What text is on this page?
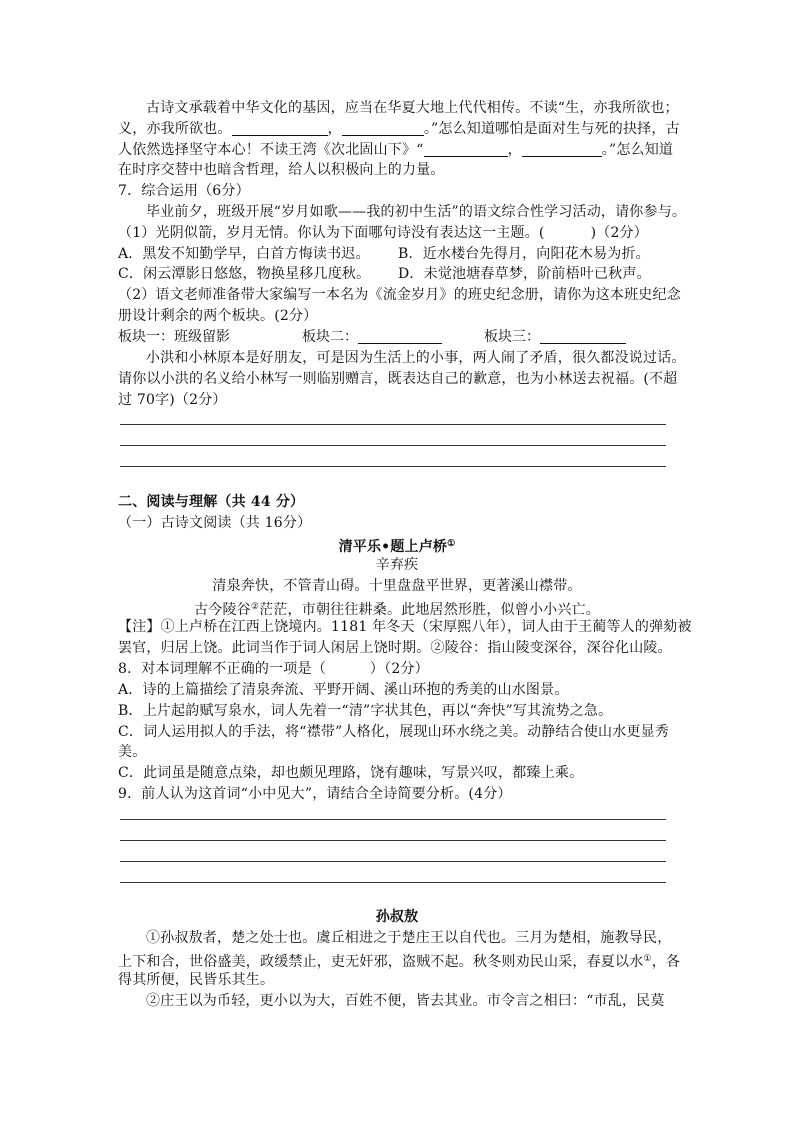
古诗文承载着中华文化的基因，应当在华夏大地上代代相传。不读“生，亦我所欲也；
义，亦我所欲也。	，	。”怎么知道哪怕是面对生与死的抉择，古
人依然选择坚守本心！不读王湾《次北固山下》“	，	。”怎么知道
在时序交替中也暗含哲理，给人以积极向上的力量。
7．综合运用（6分）
毕业前夕，班级开展“岁月如歌——我的初中生活”的语文综合性学习活动，请你参与。
（1）光阴似箭，岁月无情。你认为下面哪句诗没有表达这一主题。(	)（2分）
A．黑发不知勤学早，白首方悔读书迟。 B．近水楼台先得月，向阳花木易为折。
C．闲云潭影日悠悠，物换星移几度秋。 D．未觉池塘春草梦，阶前梧叶已秋声。
（2）语文老师准备带大家编写一本名为《流金岁月》的班史纪念册，请你为这本班史纪念
册设计剩余的两个板块。(2分）
板块一：班级留影	板块二：	板块三：
小洪和小林原本是好朋友，可是因为生活上的小事，两人闹了矛盾，很久都没说过话。
请你以小洪的名义给小林写一则临别赠言，既表达自己的歉意，也为小林送去祝福。(不超
过 70字)（2分）
二、阅读与理解（共 44 分）
（一）古诗文阅读（共 16分）
清平乐•题上卢桥①
辛弃疾
清泉奔快，不管青山碍。十里盘盘平世界，更著溪山襟带。
古今陵谷②茫茫，市朝往往耕桑。此地居然形胜，似曾小小兴亡。
【注】①上卢桥在江西上饶境内。1181 年冬天（宋厚熙八年），词人由于王蔺等人的弹劾被
罢官，归居上饶。此词当作于词人闲居上饶时期。②陵谷：指山陵变深谷，深谷化山陵。
8．对本词理解不正确的一项是（	）（2分）
A．诗的上篇描绘了清泉奔流、平野开阔、溪山环抱的秀美的山水图景。
B．上片起韵赋写泉水，词人先着一“清”字状其色，再以“奔快”写其流势之急。
C．词人运用拟人的手法，将“襟带”人格化，展现山环水绕之美。动静结合使山水更显秀
美。
C．此词虽是随意点染，却也颇见理路，饶有趣味，写景兴叹，都臻上乘。
9．前人认为这首词“小中见大”，请结合全诗简要分析。(4分）
孙叔敖
①孙叔敖者，楚之处士也。虞丘相进之于楚庄王以自代也。三月为楚相，施教导民，
上下和合，世俗盛美，政缓禁止，吏无奸邪，盗贼不起。秋冬则劝民山采，春夏以水①，各
得其所便，民皆乐其生。
②庄王以为币轻，更小以为大，百姓不便，皆去其业。市令言之相曰：“市乱，民莫
